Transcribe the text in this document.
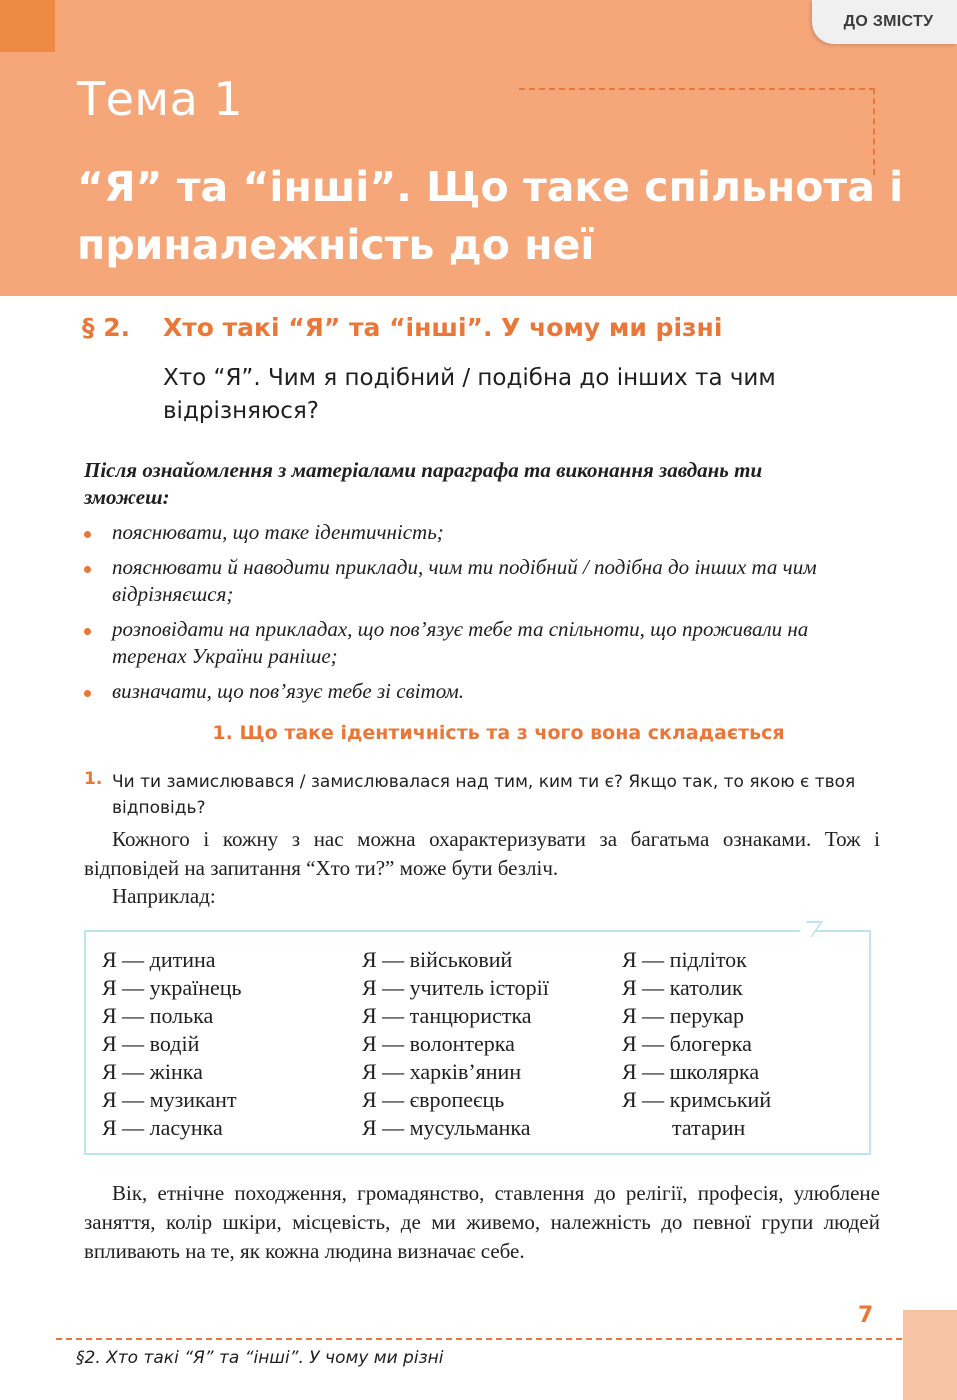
Тема 1
“Я” та “інші”. Що таке спільнота і приналежність до неї
ДО ЗМІСТУ
§ 2. Хто такі “Я” та “інші”. У чому ми різні
Хто “Я”. Чим я подібний / подібна до інших та чим відрізняюся?
Після ознайомлення з матеріалами параграфа та виконання завдань ти зможеш:
пояснювати, що таке ідентичність;
пояснювати й наводити приклади, чим ти подібний / подібна до інших та чим відрізняєшся;
розповідати на прикладах, що пов’язує тебе та спільноти, що проживали на теренах України раніше;
визначати, що пов’язує тебе зі світом.
1. Що таке ідентичність та з чого вона складається
1. Чи ти замислювався / замислювалася над тим, ким ти є? Якщо так, то якою є твоя відповідь?

Кожного і кожну з нас можна охарактеризувати за багатьма ознаками. Тож і відповідей на запитання “Хто ти?” може бути безліч.

Наприклад:

Я — дитина
Я — українець
Я — полька
Я — водій
Я — жінка
Я — музикант
Я — ласунка
Я — військовий
Я — учитель історії
Я — танцюристка
Я — волонтерка
Я — харків’янин
Я — європеєць
Я — мусульманка
Я — підліток
Я — католик
Я — перукар
Я — блогерка
Я — школярка
Я — кримський
татарин

Вік, етнічне походження, громадянство, ставлення до релігії, професія, улюблене заняття, колір шкіри, місцевість, де ми живемо, належність до певної групи людей впливають на те, як кожна людина визначає себе.

7
§2. Хто такі “Я” та “інші”. У чому ми різні
